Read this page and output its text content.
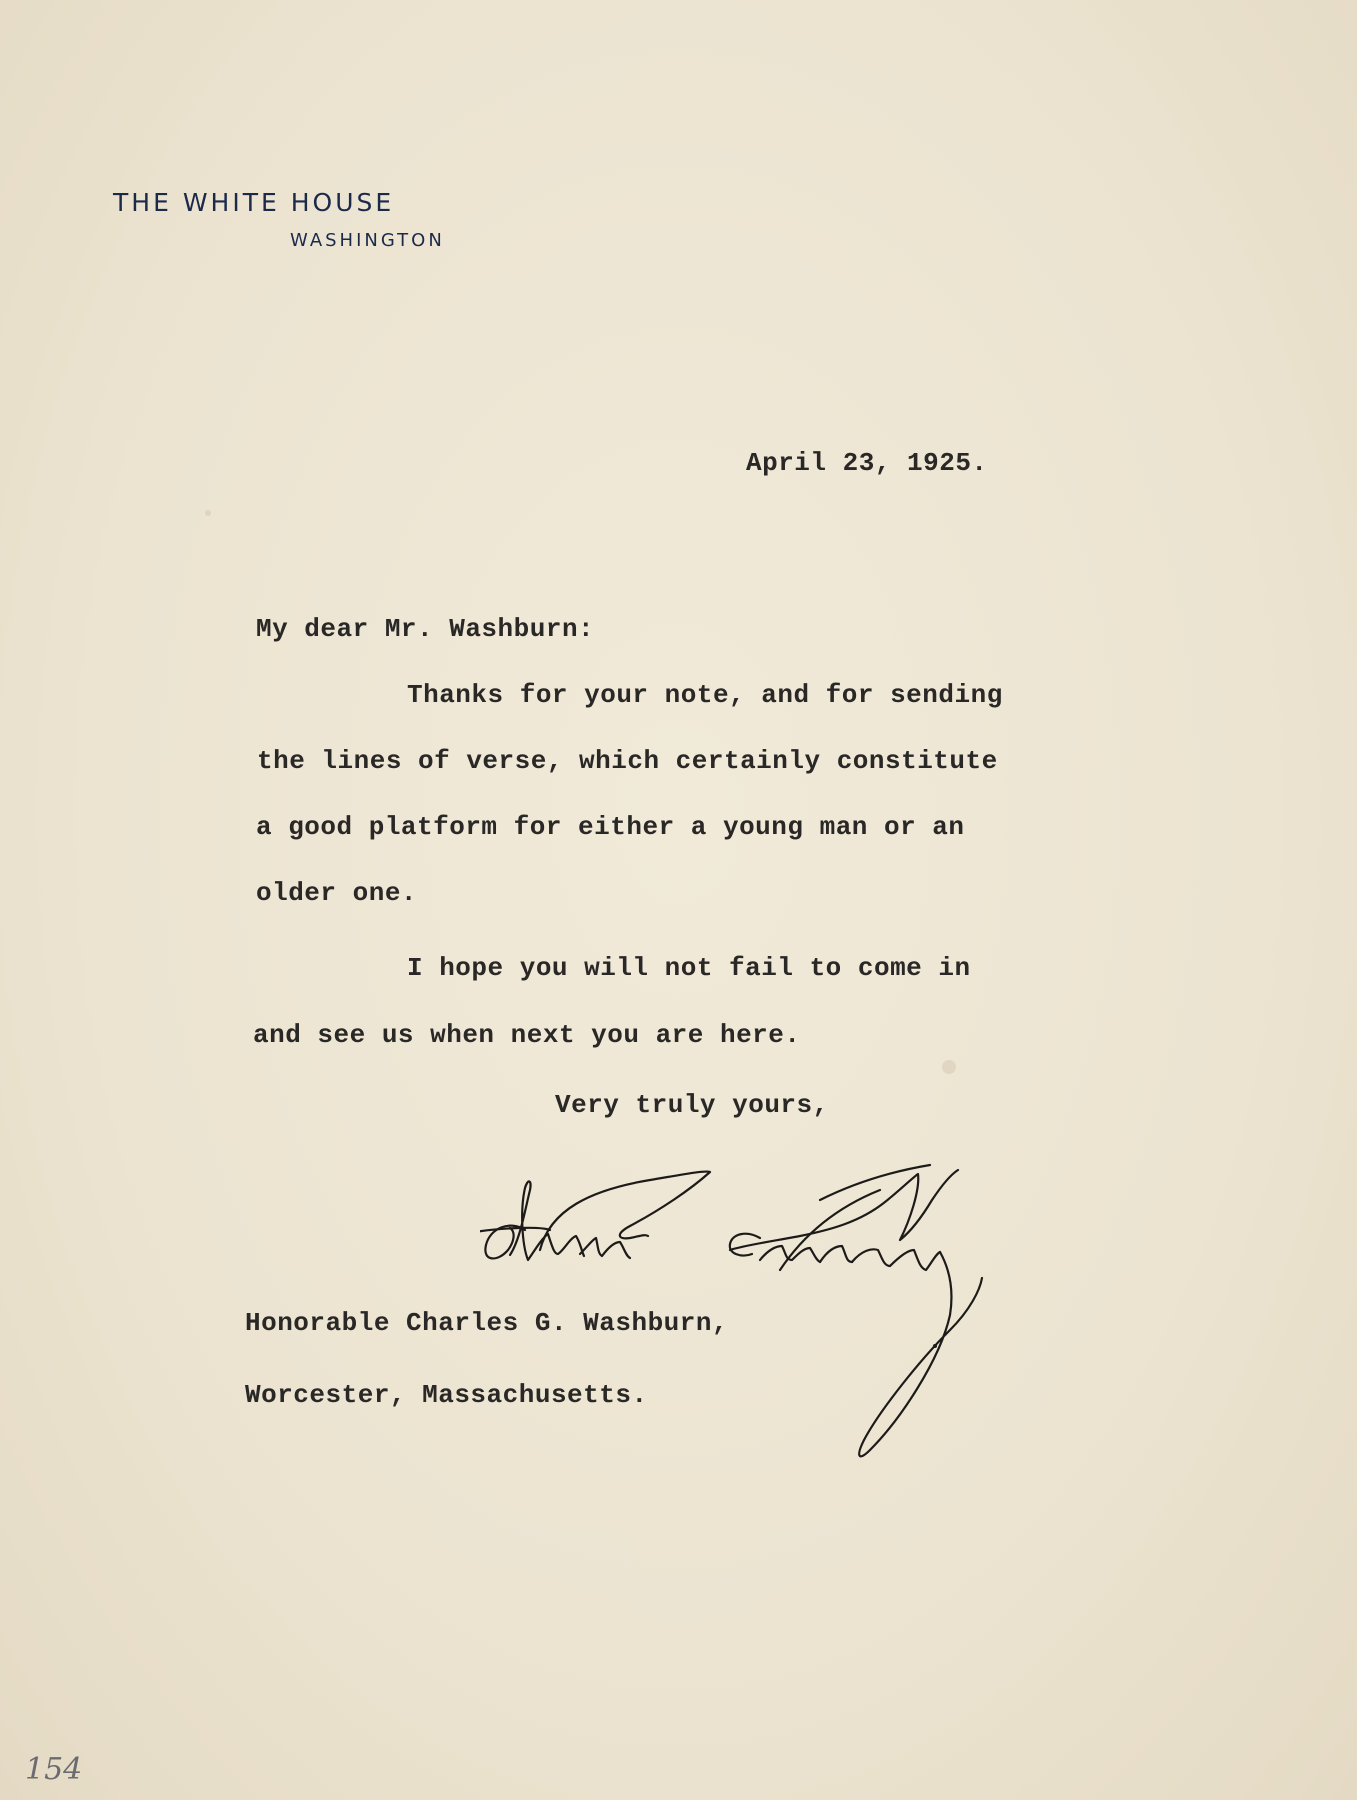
THE WHITE HOUSE
WASHINGTON
April 23, 1925.
My dear Mr. Washburn:
Thanks for your note, and for sending
the lines of verse, which certainly constitute
a good platform for either a young man or an
older one.
I hope you will not fail to come in
and see us when next you are here.
Very truly yours,
Honorable Charles G. Washburn,
Worcester, Massachusetts.
154
